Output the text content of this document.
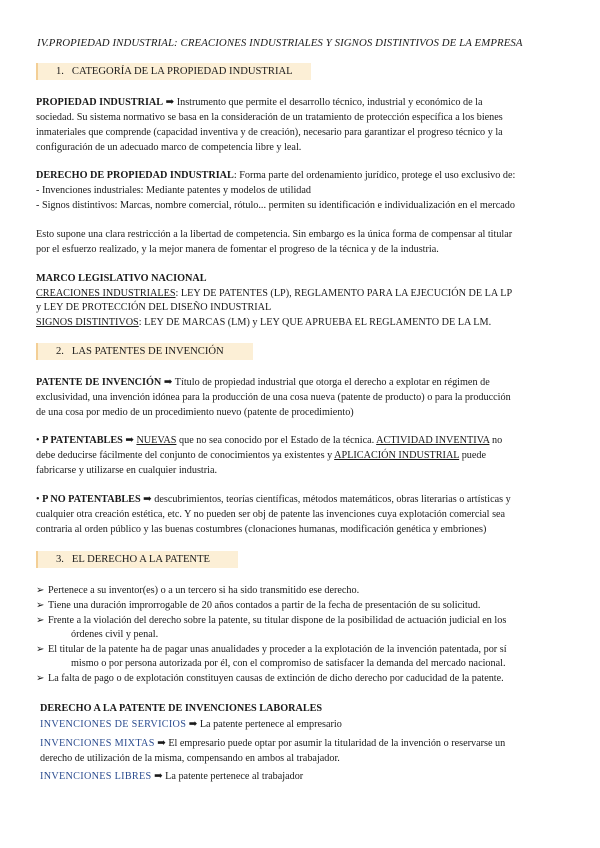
IV.PROPIEDAD INDUSTRIAL: CREACIONES INDUSTRIALES Y SIGNOS DISTINTIVOS DE LA EMPRESA
1. CATEGORÍA DE LA PROPIEDAD INDUSTRIAL
PROPIEDAD INDUSTRIAL ➡ Instrumento que permite el desarrollo técnico, industrial y económico de la
sociedad. Su sistema normativo se basa en la consideración de un tratamiento de protección específica a los bienes
inmateriales que comprende (capacidad inventiva y de creación), necesario para garantizar el progreso técnico y la
configuración de un adecuado marco de competencia libre y leal.
DERECHO DE PROPIEDAD INDUSTRIAL: Forma parte del ordenamiento jurídico, protege el uso exclusivo de:
- Invenciones industriales: Mediante patentes y modelos de utilidad
- Signos distintivos: Marcas, nombre comercial, rótulo... permiten su identificación e individualización en el mercado
Esto supone una clara restricción a la libertad de competencia. Sin embargo es la única forma de compensar al titular
por el esfuerzo realizado, y la mejor manera de fomentar el progreso de la técnica y de la industria.
MARCO LEGISLATIVO NACIONAL
CREACIONES INDUSTRIALES: LEY DE PATENTES (LP), REGLAMENTO PARA LA EJECUCIÓN DE LA LP
y LEY DE PROTECCIÓN DEL DISEÑO INDUSTRIAL
SIGNOS DISTINTIVOS: LEY DE MARCAS (LM) y LEY QUE APRUEBA EL REGLAMENTO DE LA LM.
2. LAS PATENTES DE INVENCIÓN
PATENTE DE INVENCIÓN ➡ Título de propiedad industrial que otorga el derecho a explotar en régimen de
exclusividad, una invención idónea para la producción de una cosa nueva (patente de producto) o para la producción
de una cosa por medio de un procedimiento nuevo (patente de procedimiento)
• P PATENTABLES ➡ NUEVAS que no sea conocido por el Estado de la técnica. ACTIVIDAD INVENTIVA no
debe deducirse fácilmente del conjunto de conocimientos ya existentes y APLICACIÓN INDUSTRIAL puede
fabricarse y utilizarse en cualquier industria.
• P NO PATENTABLES ➡ descubrimientos, teorías científicas, métodos matemáticos, obras literarias o artísticas y
cualquier otra creación estética, etc. Y no pueden ser obj de patente las invenciones cuya explotación comercial sea
contraria al orden público y las buenas costumbres (clonaciones humanas, modificación genética y embriones)
3. EL DERECHO A LA PATENTE
➢ Pertenece a su inventor(es) o a un tercero si ha sido transmitido ese derecho.
➢ Tiene una duración improrrogable de 20 años contados a partir de la fecha de presentación de su solicitud.
➢ Frente a la violación del derecho sobre la patente, su titular dispone de la posibilidad de actuación judicial en los
órdenes civil y penal.
➢ El titular de la patente ha de pagar unas anualidades y proceder a la explotación de la invención patentada, por sí
mismo o por persona autorizada por él, con el compromiso de satisfacer la demanda del mercado nacional.
➢ La falta de pago o de explotación constituyen causas de extinción de dicho derecho por caducidad de la patente.
DERECHO A LA PATENTE DE INVENCIONES LABORALES
INVENCIONES DE SERVICIOS ➡ La patente pertenece al empresario
INVENCIONES MIXTAS ➡ El empresario puede optar por asumir la titularidad de la invención o reservarse un
derecho de utilización de la misma, compensando en ambos al trabajador.
INVENCIONES LIBRES ➡ La patente pertenece al trabajador
